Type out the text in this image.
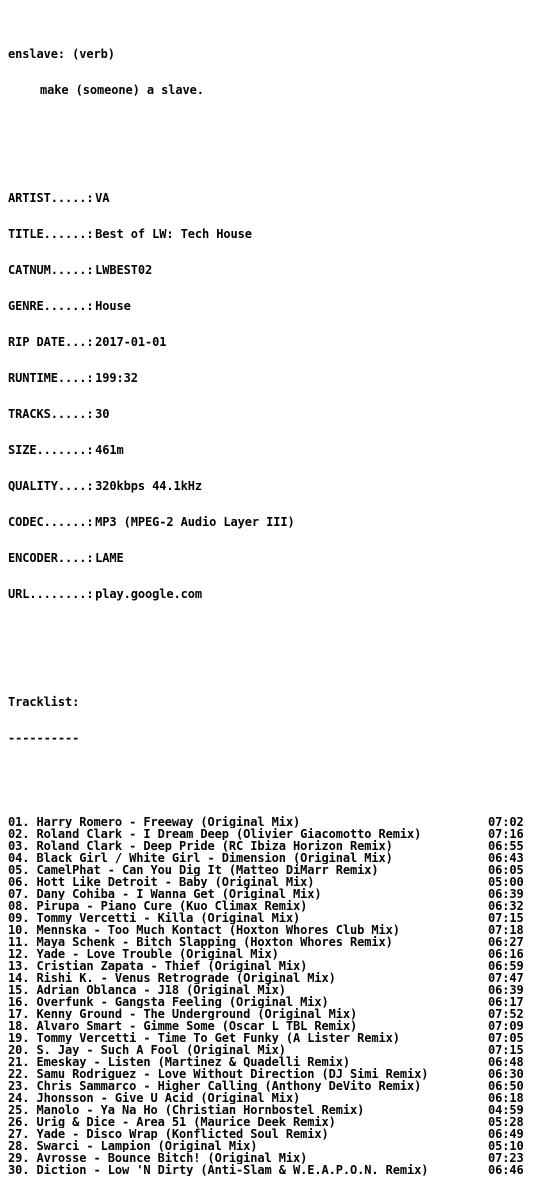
enslave: (verb)

make (someone) a slave.

ARTIST.....: VA

TITLE......: Best of LW: Tech House

CATNUM.....: LWBEST02

GENRE......: House

RIP DATE...: 2017-01-01

RUNTIME....: 199:32

TRACKS.....: 30

SIZE.......: 461m

QUALITY....: 320kbps 44.1kHz

CODEC......: MP3 (MPEG-2 Audio Layer III)

ENCODER....: LAME

URL........: play.google.com

Tracklist:

----------

01. Harry Romero - Freeway (Original Mix)	07:02
02. Roland Clark - I Dream Deep (Olivier Giacomotto Remix)	07:16
03. Roland Clark - Deep Pride (RC Ibiza Horizon Remix)	06:55
04. Black Girl / White Girl - Dimension (Original Mix)	06:43
05. CamelPhat - Can You Dig It (Matteo DiMarr Remix)	06:05
06. Hott Like Detroit - Baby (Original Mix)	05:00
07. Dany Cohiba - I Wanna Get (Original Mix)	06:39
08. Pirupa - Piano Cure (Kuo Climax Remix)	06:32
09. Tommy Vercetti - Killa (Original Mix)	07:15
10. Mennska - Too Much Kontact (Hoxton Whores Club Mix)	07:18
11. Maya Schenk - Bitch Slapping (Hoxton Whores Remix)	06:27
12. Yade - Love Trouble (Original Mix)	06:16
13. Cristian Zapata - Thief (Original Mix)	06:59
14. Rishi K. - Venus Retrograde (Original Mix)	07:47
15. Adrian Oblanca - J18 (Original Mix)	06:39
16. Overfunk - Gangsta Feeling (Original Mix)	06:17
17. Kenny Ground - The Underground (Original Mix)	07:52
18. Alvaro Smart - Gimme Some (Oscar L TBL Remix)	07:09
19. Tommy Vercetti - Time To Get Funky (A Lister Remix)	07:05
20. S. Jay - Such A Fool (Original Mix)	07:15
21. Emeskay - Listen (Martinez & Quadelli Remix)	06:48
22. Samu Rodriguez - Love Without Direction (DJ Simi Remix)	06:30
23. Chris Sammarco - Higher Calling (Anthony DeVito Remix)	06:50
24. Jhonsson - Give U Acid (Original Mix)	06:18
25. Manolo - Ya Na Ho (Christian Hornbostel Remix)	04:59
26. Urig & Dice - Area 51 (Maurice Deek Remix)	05:28
27. Yade - Disco Wrap (Konflicted Soul Remix)	06:49
28. Swarci - Lampion (Original Mix)	05:10
29. Avrosse - Bounce Bitch! (Original Mix)	07:23
30. Diction - Low 'N Dirty (Anti-Slam & W.E.A.P.O.N. Remix)	06:46
